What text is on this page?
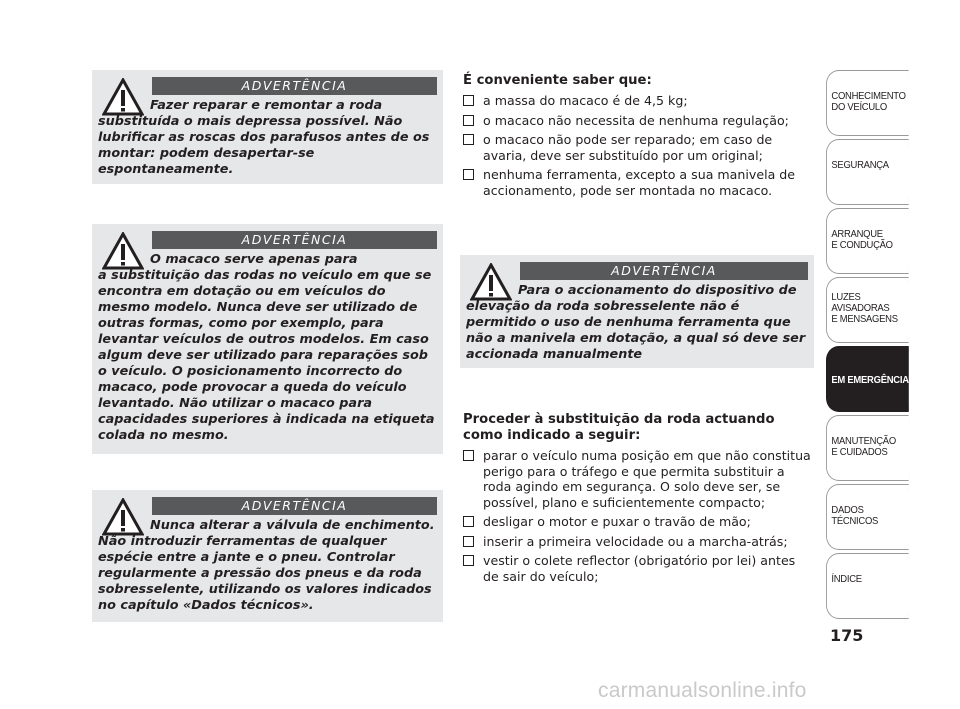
ADVERTÊNCIA
Fazer reparar e remontar a roda
substituída o mais depressa possível. Não lubrificar as roscas dos parafusos antes de os montar: podem desapertar-se espontaneamente.
ADVERTÊNCIA
O macaco serve apenas para
a substituição das rodas no veículo em que se encontra em dotação ou em veículos do mesmo modelo. Nunca deve ser utilizado de outras formas, como por exemplo, para levantar veículos de outros modelos. Em caso algum deve ser utilizado para reparações sob o veículo. O posicionamento incorrecto do macaco, pode provocar a queda do veículo levantado. Não utilizar o macaco para capacidades superiores à indicada na etiqueta colada no mesmo.
ADVERTÊNCIA
Nunca alterar a válvula de enchimento.
Não introduzir ferramentas de qualquer espécie entre a jante e o pneu. Controlar regularmente a pressão dos pneus e da roda sobresselente, utilizando os valores indicados no capítulo «Dados técnicos».
ADVERTÊNCIA
Para o accionamento do dispositivo de
elevação da roda sobresselente não é permitido o uso de nenhuma ferramenta que não a manivela em dotação, a qual só deve ser accionada manualmente
É conveniente saber que:
a massa do macaco é de 4,5 kg;
o macaco não necessita de nenhuma regulação;
o macaco não pode ser reparado; em caso de avaria, deve ser substituído por um original;
nenhuma ferramenta, excepto a sua manivela de accionamento, pode ser montada no macaco.
Proceder à substituição da roda actuando como indicado a seguir:
parar o veículo numa posição em que não constitua perigo para o tráfego e que permita substituir a roda agindo em segurança. O solo deve ser, se possível, plano e suficientemente compacto;
desligar o motor e puxar o travão de mão;
inserir a primeira velocidade ou a marcha-atrás;
vestir o colete reflector (obrigatório por lei) antes de sair do veículo;
CONHECIMENTO
DO VEÍCULO
SEGURANÇA
ARRANQUE
E CONDUÇÃO
LUZES
AVISADORAS
E MENSAGENS
EM EMERGÊNCIA
MANUTENÇÃO
E CUIDADOS
DADOS
TÉCNICOS
ÍNDICE
175
carmanualsonline.info
